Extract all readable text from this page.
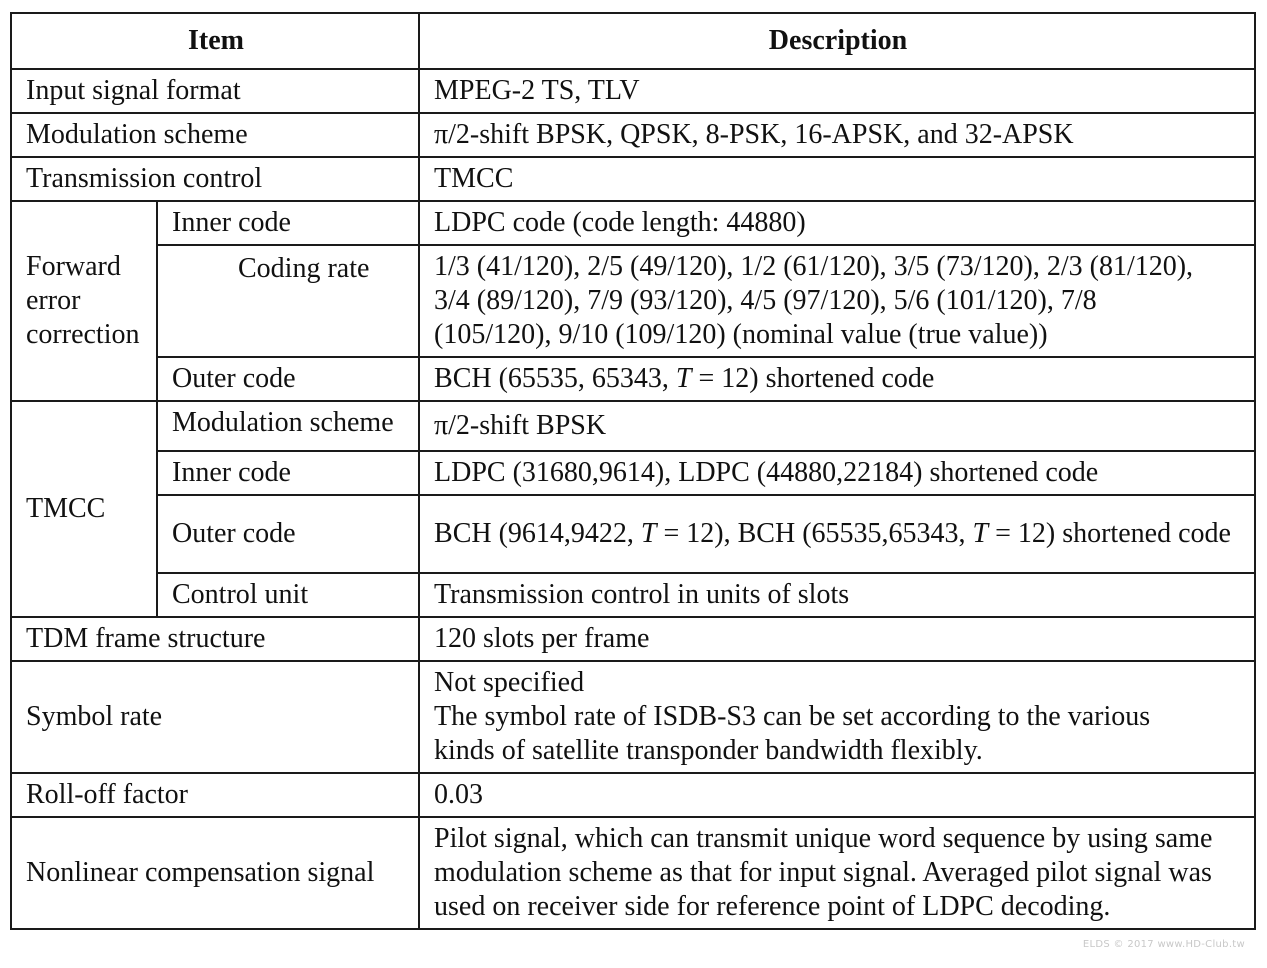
Item		Description
Input signal format		MPEG-2 TS, TLV
Modulation scheme		π/2-shift BPSK, QPSK, 8-PSK, 16-APSK, and 32-APSK
Transmission control		TMCC
Forward
error
correction	Inner code	LDPC code (code length: 44880)
	Coding rate	1/3 (41/120), 2/5 (49/120), 1/2 (61/120), 3/5 (73/120), 2/3 (81/120),
3/4 (89/120), 7/9 (93/120), 4/5 (97/120), 5/6 (101/120), 7/8
(105/120), 9/10 (109/120) (nominal value (true value))
	Outer code	BCH (65535, 65343, T = 12) shortened code
TMCC	Modulation scheme	π/2-shift BPSK
	Inner code	LDPC (31680,9614), LDPC (44880,22184) shortened code
	Outer code	BCH (9614,9422, T = 12), BCH (65535,65343, T = 12) shortened code
	Control unit	Transmission control in units of slots
TDM frame structure		120 slots per frame
Symbol rate		Not specified
The symbol rate of ISDB-S3 can be set according to the various
kinds of satellite transponder bandwidth flexibly.
Roll-off factor		0.03
Nonlinear compensation signal		Pilot signal, which can transmit unique word sequence by using same
modulation scheme as that for input signal. Averaged pilot signal was
used on receiver side for reference point of LDPC decoding.
ELDS © 2017 www.HD-Club.tw
